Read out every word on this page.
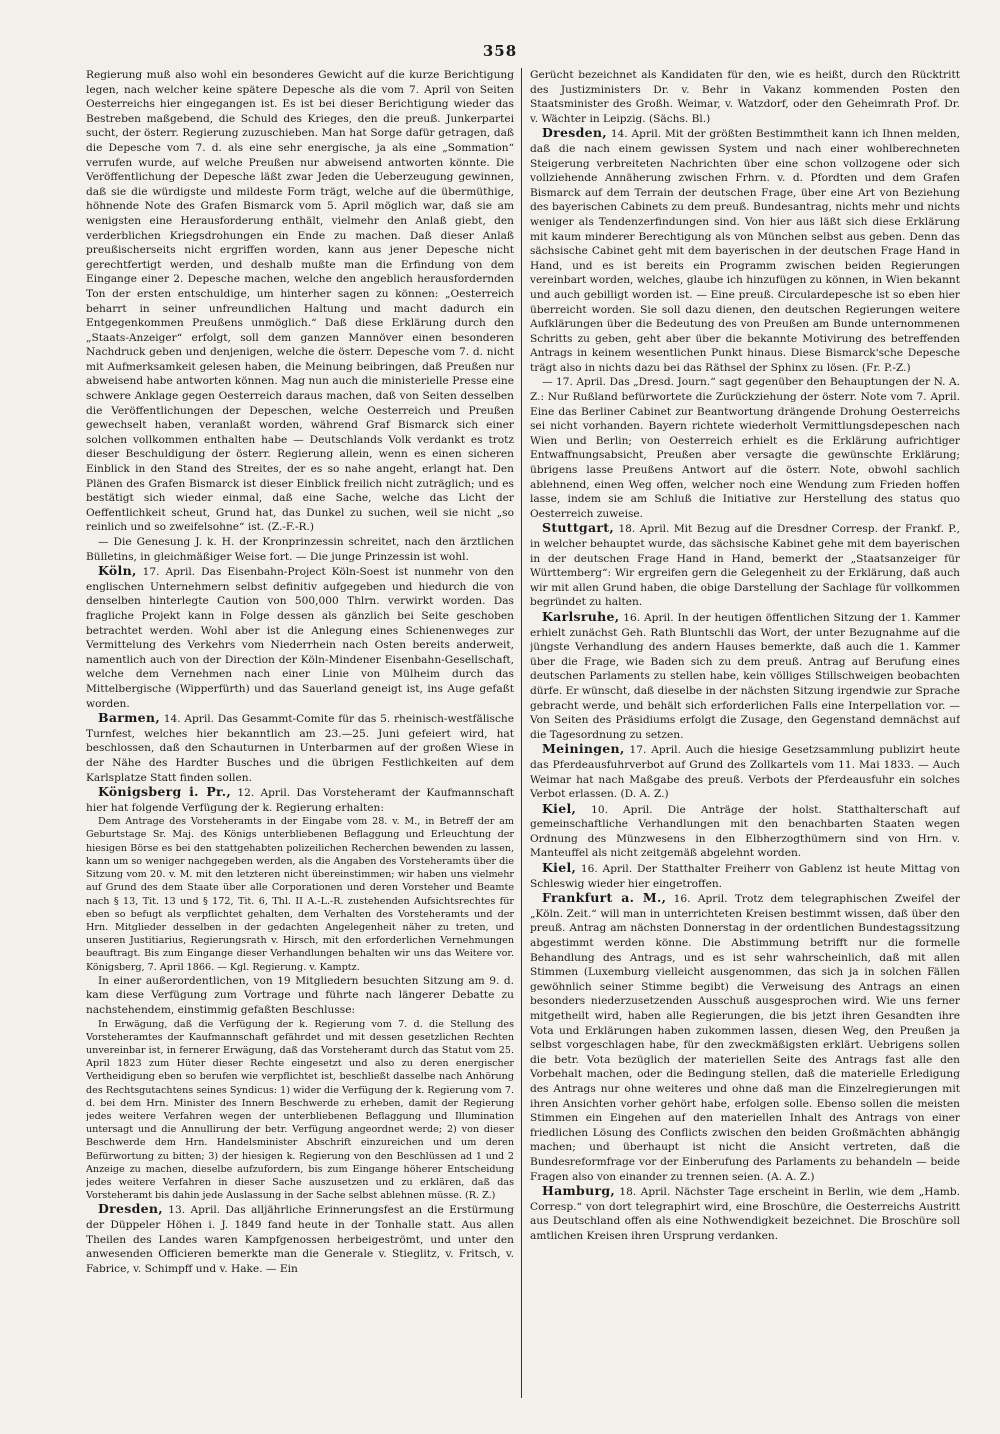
358

Regierung muß also wohl ein besonderes Gewicht auf die kurze Berichtigung legen, nach welcher keine spätere Depesche als die vom 7. April von Seiten Oesterreichs hier eingegangen ist. Es ist bei dieser Berichtigung wieder das Bestreben maßgebend, die Schuld des Krieges, den die preuß. Junkerpartei sucht, der österr. Regierung zuzuschieben. Man hat Sorge dafür getragen, daß die Depesche vom 7. d. als eine sehr energische, ja als eine „Sommation“ verrufen wurde, auf welche Preußen nur abweisend antworten könnte. Die Veröffentlichung der Depesche läßt zwar Jeden die Ueberzeugung gewinnen, daß sie die würdigste und mildeste Form trägt, welche auf die übermüthige, höhnende Note des Grafen Bismarck vom 5. April möglich war, daß sie am wenigsten eine Herausforderung enthält, vielmehr den Anlaß giebt, den verderblichen Kriegsdrohungen ein Ende zu machen. Daß dieser Anlaß preußischerseits nicht ergriffen worden, kann aus jener Depesche nicht gerechtfertigt werden, und deshalb mußte man die Erfindung von dem Eingange einer 2. Depesche machen, welche den angeblich herausfordernden Ton der ersten entschuldige, um hinterher sagen zu können: „Oesterreich beharrt in seiner unfreundlichen Haltung und macht dadurch ein Entgegenkommen Preußens unmöglich.“ Daß diese Erklärung durch den „Staats-Anzeiger“ erfolgt, soll dem ganzen Mannöver einen besonderen Nachdruck geben und denjenigen, welche die österr. Depesche vom 7. d. nicht mit Aufmerksamkeit gelesen haben, die Meinung beibringen, daß Preußen nur abweisend habe antworten können. Mag nun auch die ministerielle Presse eine schwere Anklage gegen Oesterreich daraus machen, daß von Seiten desselben die Veröffentlichungen der Depeschen, welche Oesterreich und Preußen gewechselt haben, veranlaßt worden, während Graf Bismarck sich einer solchen vollkommen enthalten habe — Deutschlands Volk verdankt es trotz dieser Beschuldigung der österr. Regierung allein, wenn es einen sicheren Einblick in den Stand des Streites, der es so nahe angeht, erlangt hat. Den Plänen des Grafen Bismarck ist dieser Einblick freilich nicht zuträglich; und es bestätigt sich wieder einmal, daß eine Sache, welche das Licht der Oeffentlichkeit scheut, Grund hat, das Dunkel zu suchen, weil sie nicht „so reinlich und so zweifelsohne“ ist. (Z.-F.-R.)

— Die Genesung J. k. H. der Kronprinzessin schreitet, nach den ärztlichen Bülletins, in gleichmäßiger Weise fort. — Die junge Prinzessin ist wohl.

Köln, 17. April. Das Eisenbahn-Project Köln-Soest ist nunmehr von den englischen Unternehmern selbst definitiv aufgegeben und hiedurch die von denselben hinterlegte Caution von 500,000 Thlrn. verwirkt worden. Das fragliche Projekt kann in Folge dessen als gänzlich bei Seite geschoben betrachtet werden. Wohl aber ist die Anlegung eines Schienenweges zur Vermittelung des Verkehrs vom Niederrhein nach Osten bereits anderweit, namentlich auch von der Direction der Köln-Mindener Eisenbahn-Gesellschaft, welche dem Vernehmen nach einer Linie von Mülheim durch das Mittelbergische (Wipperfürth) und das Sauerland geneigt ist, ins Auge gefaßt worden.

Barmen, 14. April. Das Gesammt-Comite für das 5. rheinisch-westfälische Turnfest, welches hier bekanntlich am 23.—25. Juni gefeiert wird, hat beschlossen, daß den Schauturnen in Unterbarmen auf der großen Wiese in der Nähe des Hardter Busches und die übrigen Festlichkeiten auf dem Karlsplatze Statt finden sollen.

Königsberg i. Pr., 12. April. Das Vorsteheramt der Kaufmannschaft hier hat folgende Verfügung der k. Regierung erhalten:

Dem Antrage des Vorsteheramts in der Eingabe vom 28. v. M., in Betreff der am Geburtstage Sr. Maj. des Königs unterbliebenen Beflaggung und Erleuchtung der hiesigen Börse es bei den stattgehabten polizeilichen Recherchen bewenden zu lassen, kann um so weniger nachgegeben werden, als die Angaben des Vorsteheramts über die Sitzung vom 20. v. M. mit den letzteren nicht übereinstimmen; wir haben uns vielmehr auf Grund des dem Staate über alle Corporationen und deren Vorsteher und Beamte nach § 13, Tit. 13 und § 172, Tit. 6, Thl. II A.-L.-R. zustehenden Aufsichtsrechtes für eben so befugt als verpflichtet gehalten, dem Verhalten des Vorsteheramts und der Hrn. Mitglieder desselben in der gedachten Angelegenheit näher zu treten, und unseren Justitiarius, Regierungsrath v. Hirsch, mit den erforderlichen Vernehmungen beauftragt. Bis zum Eingange dieser Verhandlungen behalten wir uns das Weitere vor. Königsberg, 7. April 1866. — Kgl. Regierung. v. Kamptz.

In einer außerordentlichen, von 19 Mitgliedern besuchten Sitzung am 9. d. kam diese Verfügung zum Vortrage und führte nach längerer Debatte zu nachstehendem, einstimmig gefaßten Beschlusse:

In Erwägung, daß die Verfügung der k. Regierung vom 7. d. die Stellung des Vorsteheramtes der Kaufmannschaft gefährdet und mit dessen gesetzlichen Rechten unvereinbar ist, in fernerer Erwägung, daß das Vorsteheramt durch das Statut vom 25. April 1823 zum Hüter dieser Rechte eingesetzt und also zu deren energischer Vertheidigung eben so berufen wie verpflichtet ist, beschließt dasselbe nach Anhörung des Rechtsgutachtens seines Syndicus: 1) wider die Verfügung der k. Regierung vom 7. d. bei dem Hrn. Minister des Innern Beschwerde zu erheben, damit der Regierung jedes weitere Verfahren wegen der unterbliebenen Beflaggung und Illumination untersagt und die Annullirung der betr. Verfügung angeordnet werde; 2) von dieser Beschwerde dem Hrn. Handelsminister Abschrift einzureichen und um deren Befürwortung zu bitten; 3) der hiesigen k. Regierung von den Beschlüssen ad 1 und 2 Anzeige zu machen, dieselbe aufzufordern, bis zum Eingange höherer Entscheidung jedes weitere Verfahren in dieser Sache auszusetzen und zu erklären, daß das Vorsteheramt bis dahin jede Auslassung in der Sache selbst ablehnen müsse. (R. Z.)

Dresden, 13. April. Das alljährliche Erinnerungsfest an die Erstürmung der Düppeler Höhen i. J. 1849 fand heute in der Tonhalle statt. Aus allen Theilen des Landes waren Kampfgenossen herbeigeströmt, und unter den anwesenden Officieren bemerkte man die Generale v. Stieglitz, v. Fritsch, v. Fabrice, v. Schimpff und v. Hake. — Ein

Gerücht bezeichnet als Kandidaten für den, wie es heißt, durch den Rücktritt des Justizministers Dr. v. Behr in Vakanz kommenden Posten den Staatsminister des Großh. Weimar, v. Watzdorf, oder den Geheimrath Prof. Dr. v. Wächter in Leipzig. (Sächs. Bl.)

Dresden, 14. April. Mit der größten Bestimmtheit kann ich Ihnen melden, daß die nach einem gewissen System und nach einer wohlberechneten Steigerung verbreiteten Nachrichten über eine schon vollzogene oder sich vollziehende Annäherung zwischen Frhrn. v. d. Pfordten und dem Grafen Bismarck auf dem Terrain der deutschen Frage, über eine Art von Beziehung des bayerischen Cabinets zu dem preuß. Bundesantrag, nichts mehr und nichts weniger als Tendenzerfindungen sind. Von hier aus läßt sich diese Erklärung mit kaum minderer Berechtigung als von München selbst aus geben. Denn das sächsische Cabinet geht mit dem bayerischen in der deutschen Frage Hand in Hand, und es ist bereits ein Programm zwischen beiden Regierungen vereinbart worden, welches, glaube ich hinzufügen zu können, in Wien bekannt und auch gebilligt worden ist. — Eine preuß. Circulardepesche ist so eben hier überreicht worden. Sie soll dazu dienen, den deutschen Regierungen weitere Aufklärungen über die Bedeutung des von Preußen am Bunde unternommenen Schritts zu geben, geht aber über die bekannte Motivirung des betreffenden Antrags in keinem wesentlichen Punkt hinaus. Diese Bismarck'sche Depesche trägt also in nichts dazu bei das Räthsel der Sphinx zu lösen. (Fr. P.-Z.)

— 17. April. Das „Dresd. Journ.“ sagt gegenüber den Behauptungen der N. A. Z.: Nur Rußland befürwortete die Zurückziehung der österr. Note vom 7. April. Eine das Berliner Cabinet zur Beantwortung drängende Drohung Oesterreichs sei nicht vorhanden. Bayern richtete wiederholt Vermittlungsdepeschen nach Wien und Berlin; von Oesterreich erhielt es die Erklärung aufrichtiger Entwaffnungsabsicht, Preußen aber versagte die gewünschte Erklärung; übrigens lasse Preußens Antwort auf die österr. Note, obwohl sachlich ablehnend, einen Weg offen, welcher noch eine Wendung zum Frieden hoffen lasse, indem sie am Schluß die Initiative zur Herstellung des status quo Oesterreich zuweise.

Stuttgart, 18. April. Mit Bezug auf die Dresdner Corresp. der Frankf. P., in welcher behauptet wurde, das sächsische Kabinet gehe mit dem bayerischen in der deutschen Frage Hand in Hand, bemerkt der „Staatsanzeiger für Württemberg“: Wir ergreifen gern die Gelegenheit zu der Erklärung, daß auch wir mit allen Grund haben, die obige Darstellung der Sachlage für vollkommen begründet zu halten.

Karlsruhe, 16. April. In der heutigen öffentlichen Sitzung der 1. Kammer erhielt zunächst Geh. Rath Bluntschli das Wort, der unter Bezugnahme auf die jüngste Verhandlung des andern Hauses bemerkte, daß auch die 1. Kammer über die Frage, wie Baden sich zu dem preuß. Antrag auf Berufung eines deutschen Parlaments zu stellen habe, kein völliges Stillschweigen beobachten dürfe. Er wünscht, daß dieselbe in der nächsten Sitzung irgendwie zur Sprache gebracht werde, und behält sich erforderlichen Falls eine Interpellation vor. — Von Seiten des Präsidiums erfolgt die Zusage, den Gegenstand demnächst auf die Tagesordnung zu setzen.

Meiningen, 17. April. Auch die hiesige Gesetzsammlung publizirt heute das Pferdeausfuhrverbot auf Grund des Zollkartels vom 11. Mai 1833. — Auch Weimar hat nach Maßgabe des preuß. Verbots der Pferdeausfuhr ein solches Verbot erlassen. (D. A. Z.)

Kiel, 10. April. Die Anträge der holst. Statthalterschaft auf gemeinschaftliche Verhandlungen mit den benachbarten Staaten wegen Ordnung des Münzwesens in den Elbherzogthümern sind von Hrn. v. Manteuffel als nicht zeitgemäß abgelehnt worden.

Kiel, 16. April. Der Statthalter Freiherr von Gablenz ist heute Mittag von Schleswig wieder hier eingetroffen.

Frankfurt a. M., 16. April. Trotz dem telegraphischen Zweifel der „Köln. Zeit.“ will man in unterrichteten Kreisen bestimmt wissen, daß über den preuß. Antrag am nächsten Donnerstag in der ordentlichen Bundestagssitzung abgestimmt werden könne. Die Abstimmung betrifft nur die formelle Behandlung des Antrags, und es ist sehr wahrscheinlich, daß mit allen Stimmen (Luxemburg vielleicht ausgenommen, das sich ja in solchen Fällen gewöhnlich seiner Stimme begibt) die Verweisung des Antrags an einen besonders niederzusetzenden Ausschuß ausgesprochen wird. Wie uns ferner mitgetheilt wird, haben alle Regierungen, die bis jetzt ihren Gesandten ihre Vota und Erklärungen haben zukommen lassen, diesen Weg, den Preußen ja selbst vorgeschlagen habe, für den zweckmäßigsten erklärt. Uebrigens sollen die betr. Vota bezüglich der materiellen Seite des Antrags fast alle den Vorbehalt machen, oder die Bedingung stellen, daß die materielle Erledigung des Antrags nur ohne weiteres und ohne daß man die Einzelregierungen mit ihren Ansichten vorher gehört habe, erfolgen solle. Ebenso sollen die meisten Stimmen ein Eingehen auf den materiellen Inhalt des Antrags von einer friedlichen Lösung des Conflicts zwischen den beiden Großmächten abhängig machen; und überhaupt ist nicht die Ansicht vertreten, daß die Bundesreformfrage vor der Einberufung des Parlaments zu behandeln — beide Fragen also von einander zu trennen seien. (A. A. Z.)

Hamburg, 18. April. Nächster Tage erscheint in Berlin, wie dem „Hamb. Corresp.“ von dort telegraphirt wird, eine Broschüre, die Oesterreichs Austritt aus Deutschland offen als eine Nothwendigkeit bezeichnet. Die Broschüre soll amtlichen Kreisen ihren Ursprung verdanken.
